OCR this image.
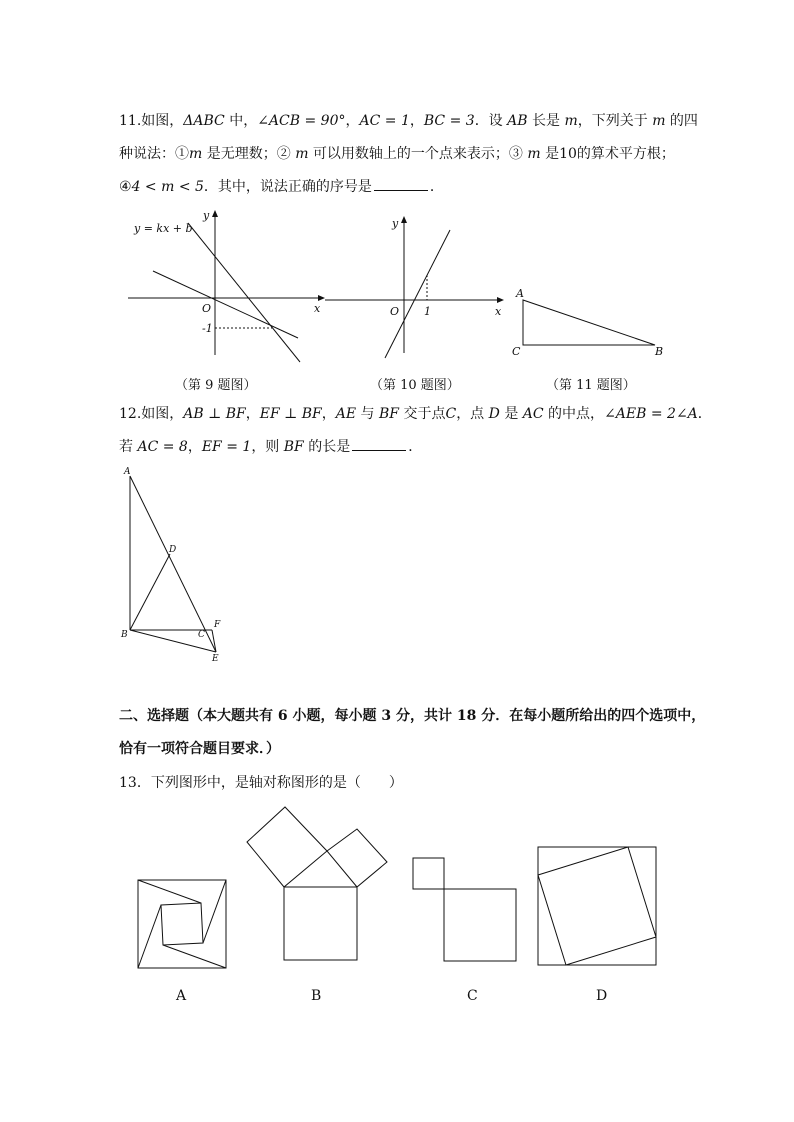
11.如图，ΔABC 中，∠ACB = 90°，AC = 1，BC = 3．设 AB 长是 m，下列关于 m 的四
种说法：①m 是无理数；② m 可以用数轴上的一个点来表示；③ m 是10的算术平方根；
④4 < m < 5．其中，说法正确的序号是	．
y = kx + b
y
x
O
-1
（第 9 题图）
y
x
O 1
（第 10 题图）
A
C	B
（第 11 题图）
12.如图，AB ⊥ BF，EF ⊥ BF，AE 与 BF 交于点C，点 D 是 AC 的中点，∠AEB = 2∠A．
若 AC = 8，EF = 1，则 BF 的长是	．
A
D
B	C
F
E
二、选择题（本大题共有 6 小题，每小题 3 分，共计 18 分．在每小题所给出的四个选项中，
恰有一项符合题目要求．）
13．下列图形中，是轴对称图形的是（　　）
A	B	C	D
